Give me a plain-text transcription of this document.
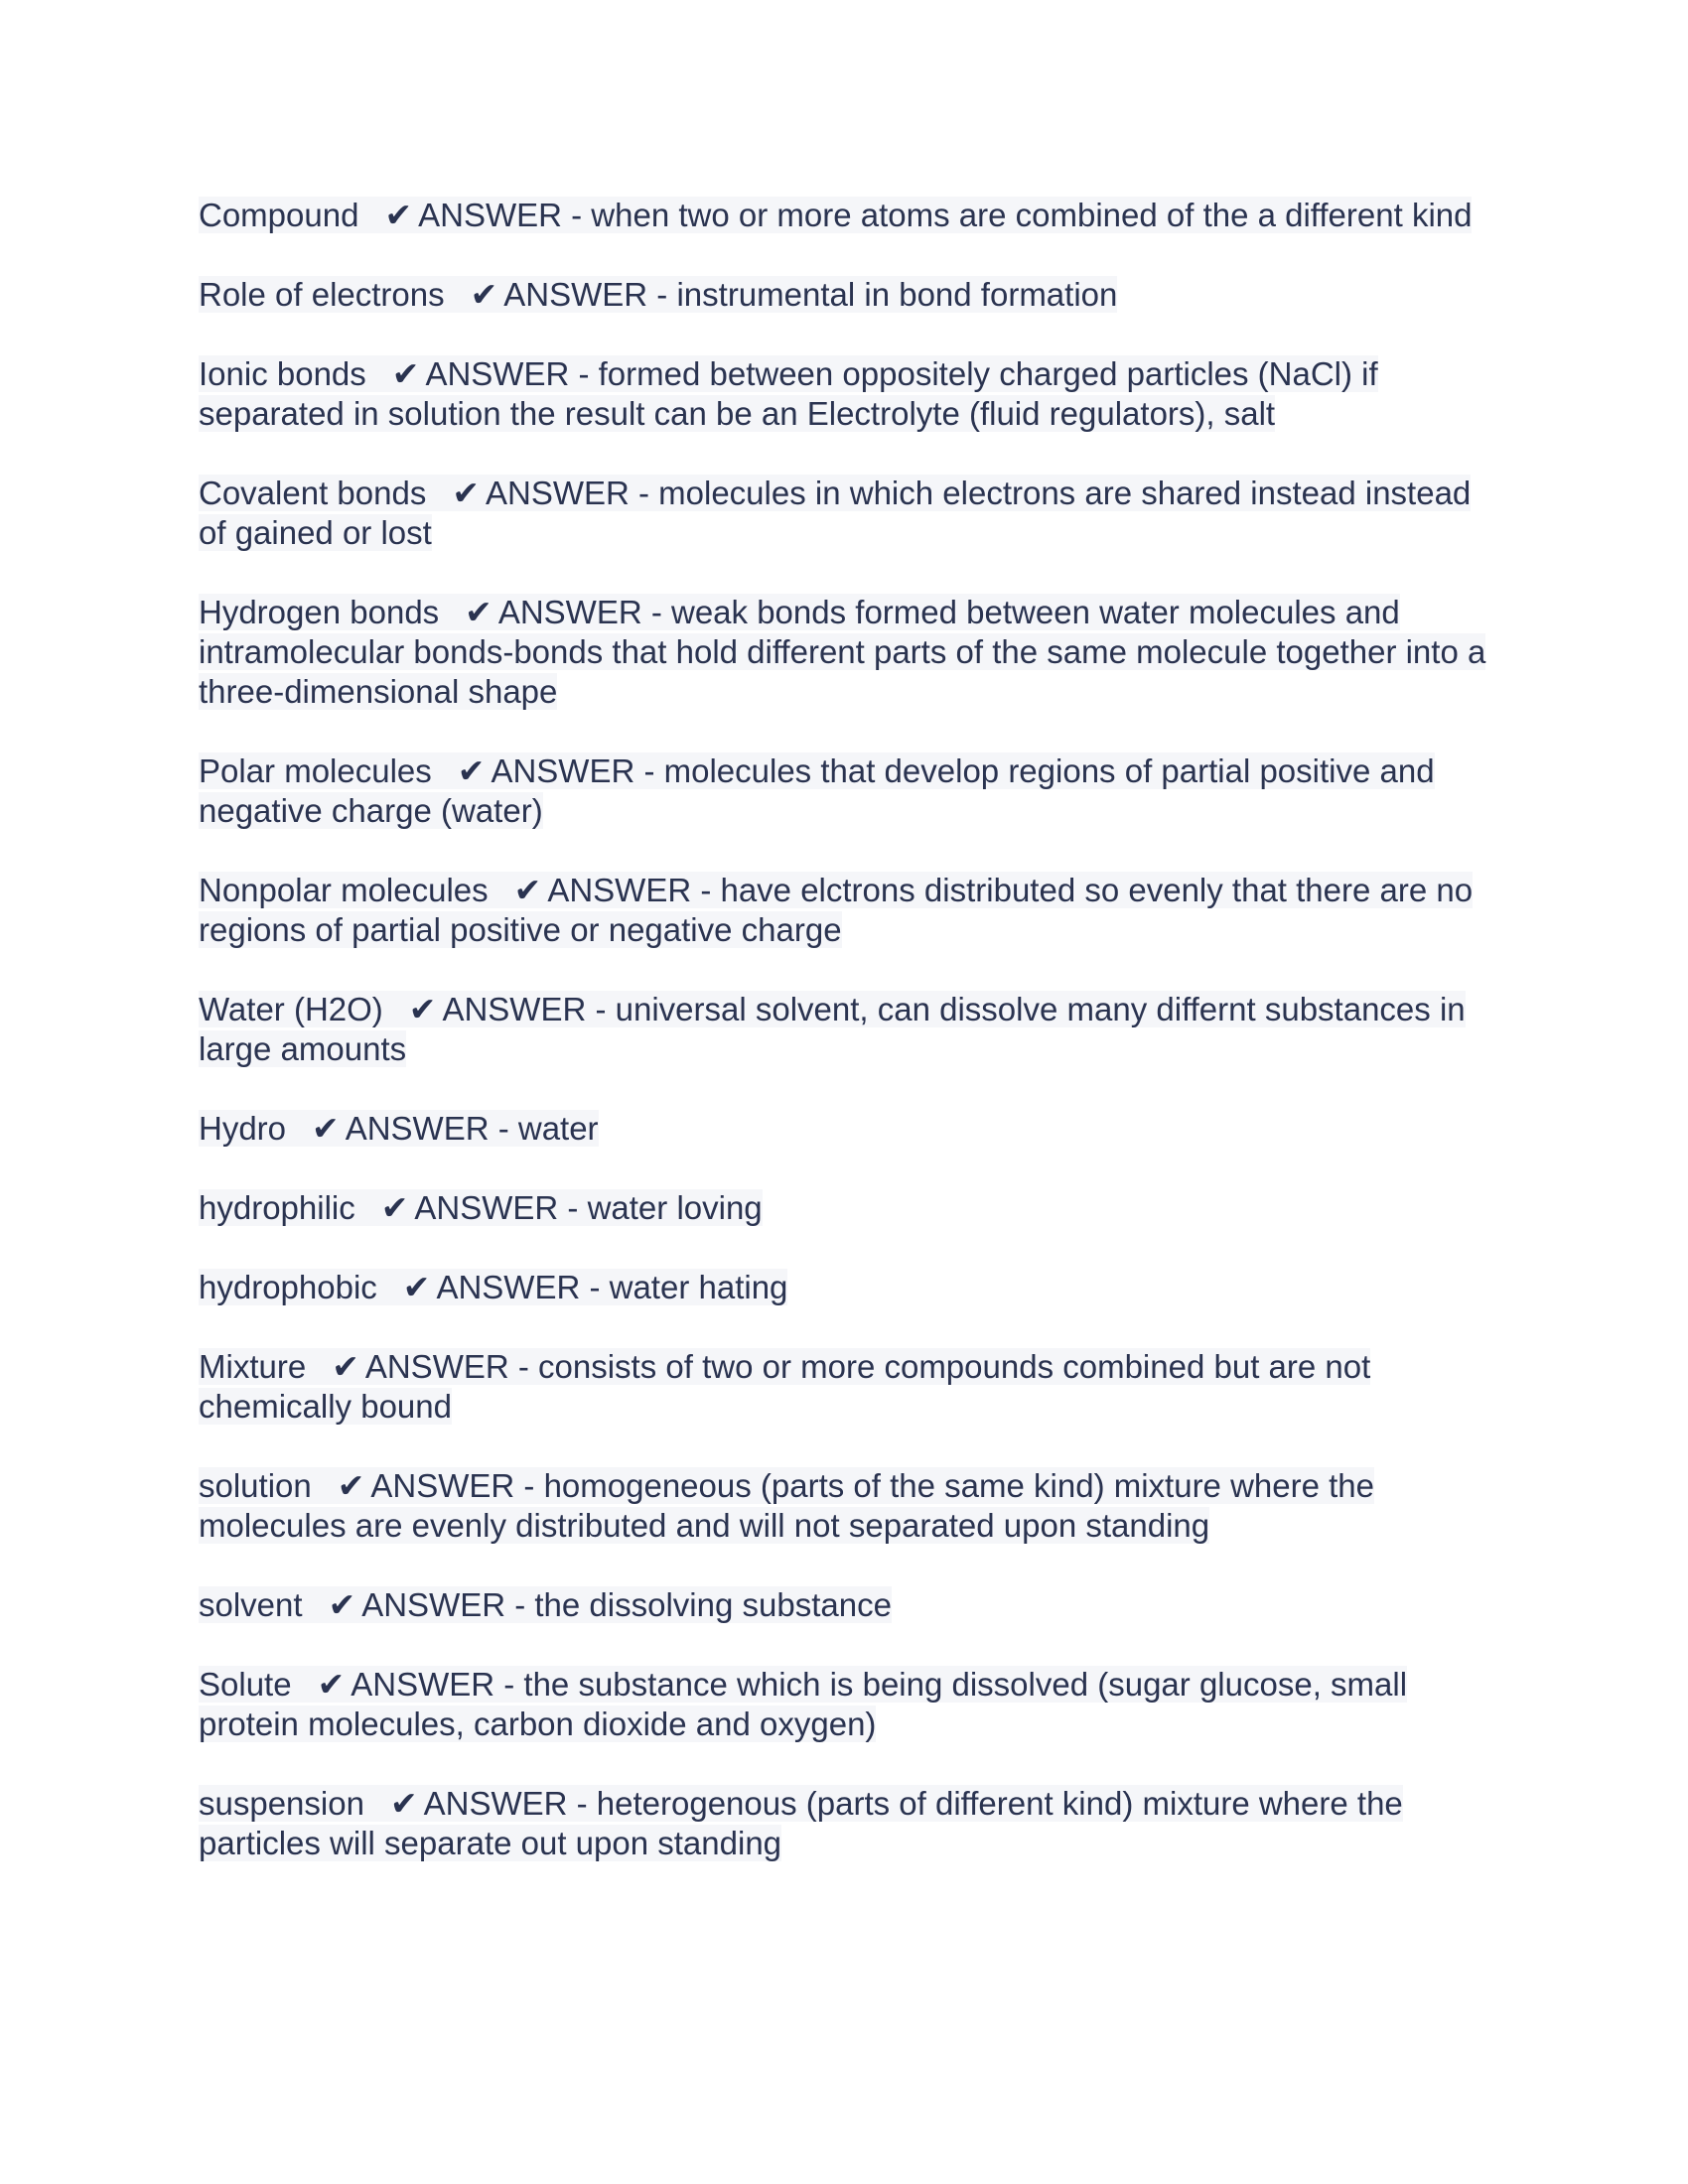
Compound ✔ ANSWER - when two or more atoms are combined of the a different kind

Role of electrons ✔ ANSWER - instrumental in bond formation

Ionic bonds ✔ ANSWER - formed between oppositely charged particles (NaCl) if separated in solution the result can be an Electrolyte (fluid regulators), salt

Covalent bonds ✔ ANSWER - molecules in which electrons are shared instead instead of gained or lost

Hydrogen bonds ✔ ANSWER - weak bonds formed between water molecules and intramolecular bonds-bonds that hold different parts of the same molecule together into a three-dimensional shape

Polar molecules ✔ ANSWER - molecules that develop regions of partial positive and negative charge (water)

Nonpolar molecules ✔ ANSWER - have elctrons distributed so evenly that there are no regions of partial positive or negative charge

Water (H2O) ✔ ANSWER - universal solvent, can dissolve many differnt substances in large amounts

Hydro ✔ ANSWER - water

hydrophilic ✔ ANSWER - water loving

hydrophobic ✔ ANSWER - water hating

Mixture ✔ ANSWER - consists of two or more compounds combined but are not chemically bound

solution ✔ ANSWER - homogeneous (parts of the same kind) mixture where the molecules are evenly distributed and will not separated upon standing

solvent ✔ ANSWER - the dissolving substance

Solute ✔ ANSWER - the substance which is being dissolved (sugar glucose, small protein molecules, carbon dioxide and oxygen)

suspension ✔ ANSWER - heterogenous (parts of different kind) mixture where the particles will separate out upon standing
